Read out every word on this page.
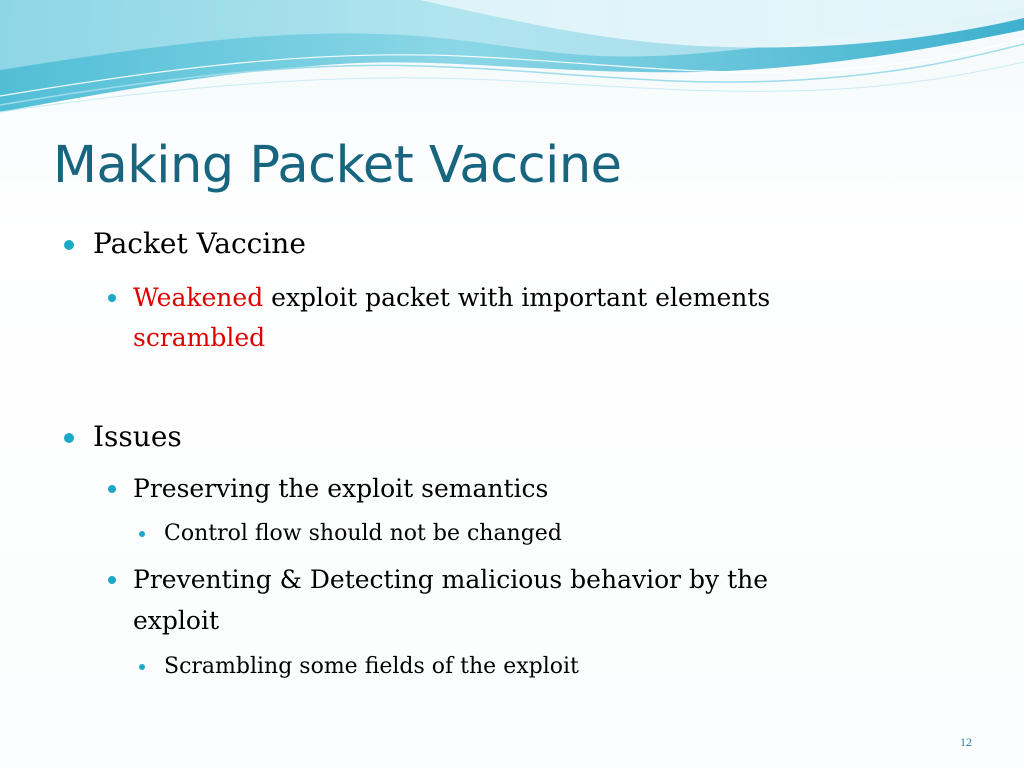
Making Packet Vaccine
Packet Vaccine
Weakened exploit packet with important elements
scrambled
Issues
Preserving the exploit semantics
Control flow should not be changed
Preventing & Detecting malicious behavior by the
exploit
Scrambling some fields of the exploit
12
